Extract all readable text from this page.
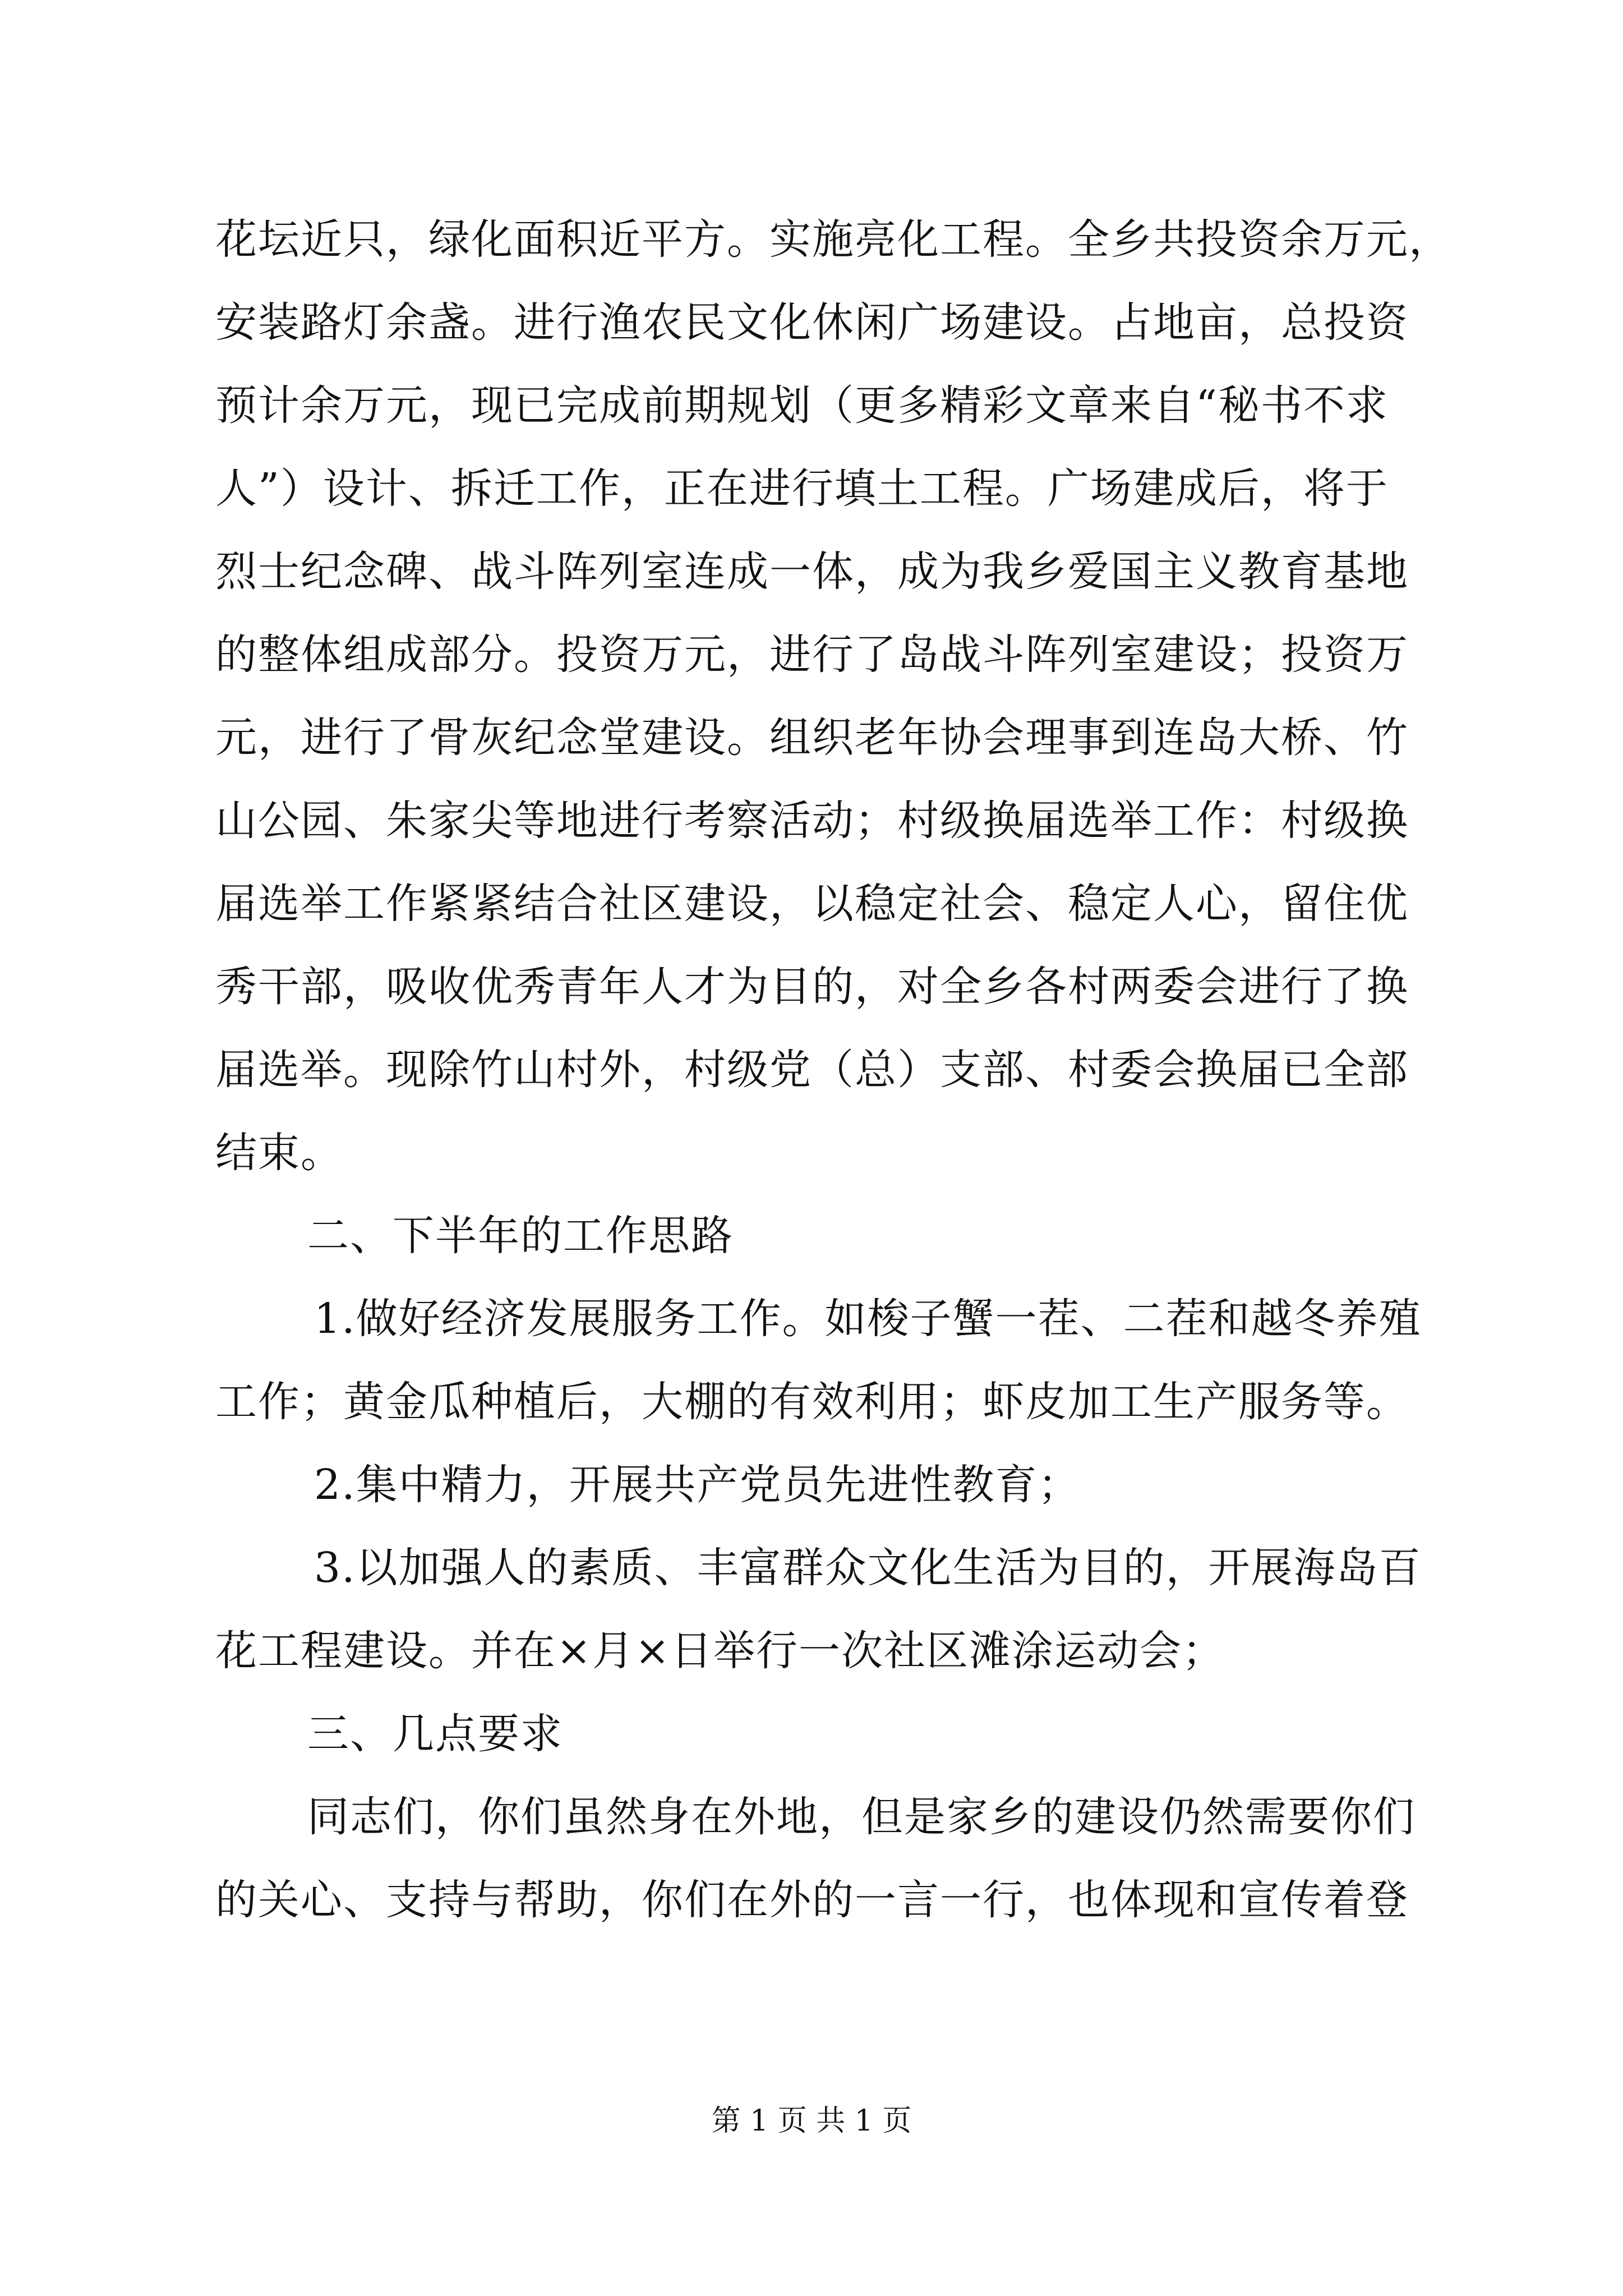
花坛近只，绿化面积近平方。实施亮化工程。全乡共投资余万元，
安装路灯余盏。进行渔农民文化休闲广场建设。占地亩，总投资
预计余万元，现已完成前期规划（更多精彩文章来自“秘书不求
人”）设计、拆迁工作，正在进行填土工程。广场建成后，将于
烈士纪念碑、战斗阵列室连成一体，成为我乡爱国主义教育基地
的整体组成部分。投资万元，进行了岛战斗阵列室建设；投资万
元，进行了骨灰纪念堂建设。组织老年协会理事到连岛大桥、竹
山公园、朱家尖等地进行考察活动；村级换届选举工作：村级换
届选举工作紧紧结合社区建设，以稳定社会、稳定人心，留住优
秀干部，吸收优秀青年人才为目的，对全乡各村两委会进行了换
届选举。现除竹山村外，村级党（总）支部、村委会换届已全部
结束。
二、下半年的工作思路
1.做好经济发展服务工作。如梭子蟹一茬、二茬和越冬养殖
工作；黄金瓜种植后，大棚的有效利用；虾皮加工生产服务等。
2.集中精力，开展共产党员先进性教育；
3.以加强人的素质、丰富群众文化生活为目的，开展海岛百
花工程建设。并在×月×日举行一次社区滩涂运动会；
三、几点要求
同志们，你们虽然身在外地，但是家乡的建设仍然需要你们
的关心、支持与帮助，你们在外的一言一行，也体现和宣传着登
第 1 页 共 1 页
